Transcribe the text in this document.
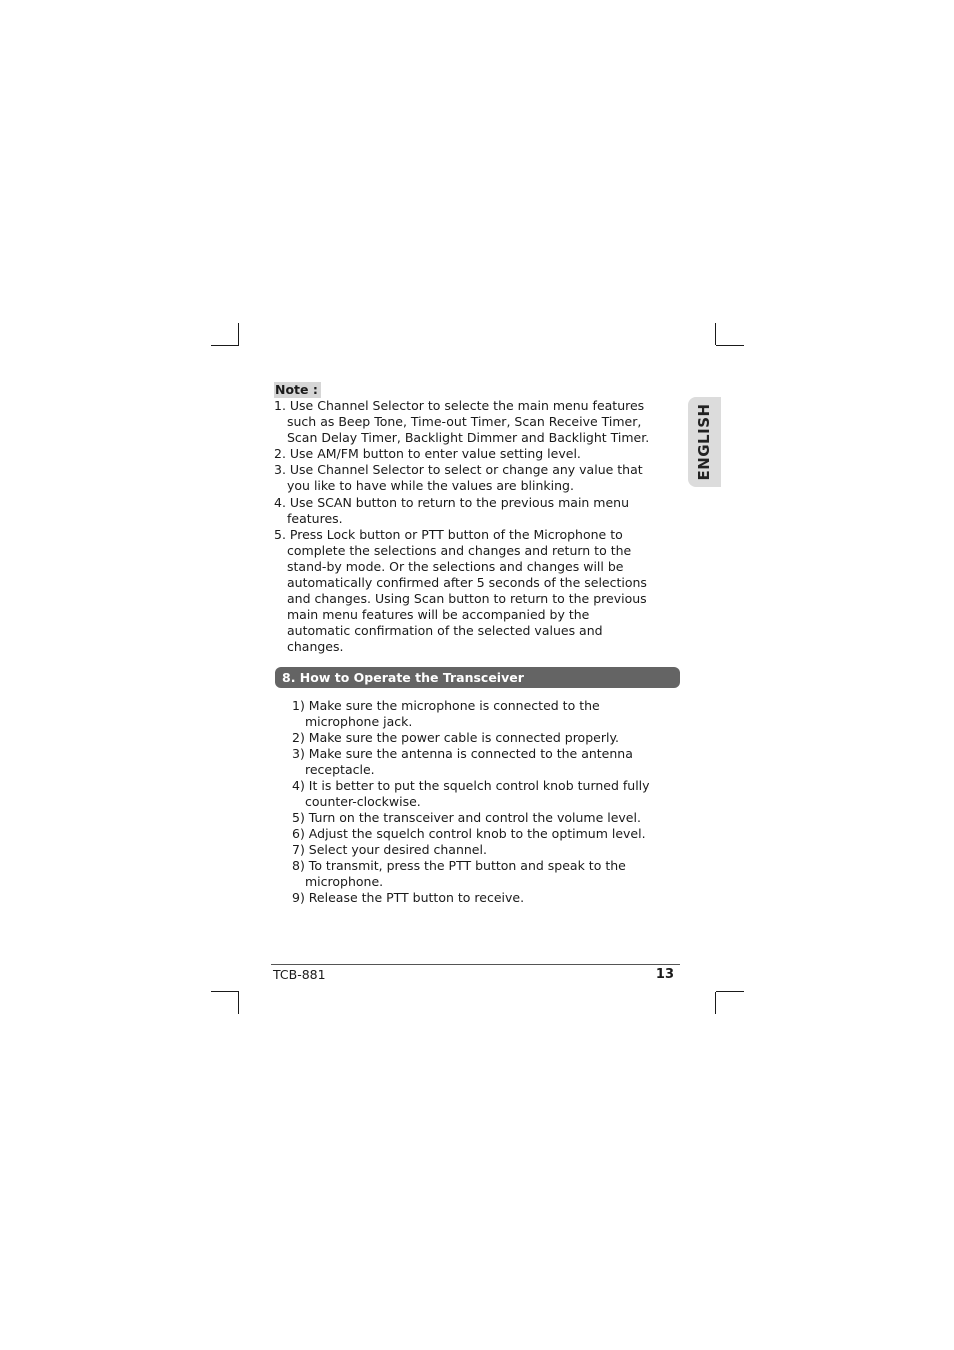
Note :
1. Use Channel Selector to selecte the main menu features such as Beep Tone, Time-out Timer, Scan Receive Timer, Scan Delay Timer, Backlight Dimmer and Backlight Timer.
2. Use AM/FM button to enter value setting level.
3. Use Channel Selector to select or change any value that you like to have while the values are blinking.
4. Use SCAN button to return to the previous main menu features.
5. Press Lock button or PTT button of the Microphone to complete the selections and changes and return to the stand-by mode. Or the selections and changes will be automatically confirmed after 5 seconds of the selections and changes. Using Scan button to return to the previous main menu features will be accompanied by the automatic confirmation of the selected values and changes.
8. How to Operate the Transceiver
1) Make sure the microphone is connected to the microphone jack.
2) Make sure the power cable is connected properly.
3) Make sure the antenna is connected to the antenna receptacle.
4) It is better to put the squelch control knob turned fully counter-clockwise.
5) Turn on the transceiver and control the volume level.
6) Adjust the squelch control knob to the optimum level.
7) Select your desired channel.
8) To transmit, press the PTT button and speak to the microphone.
9) Release the PTT button to receive.
ENGLISH
TCB-881	13
